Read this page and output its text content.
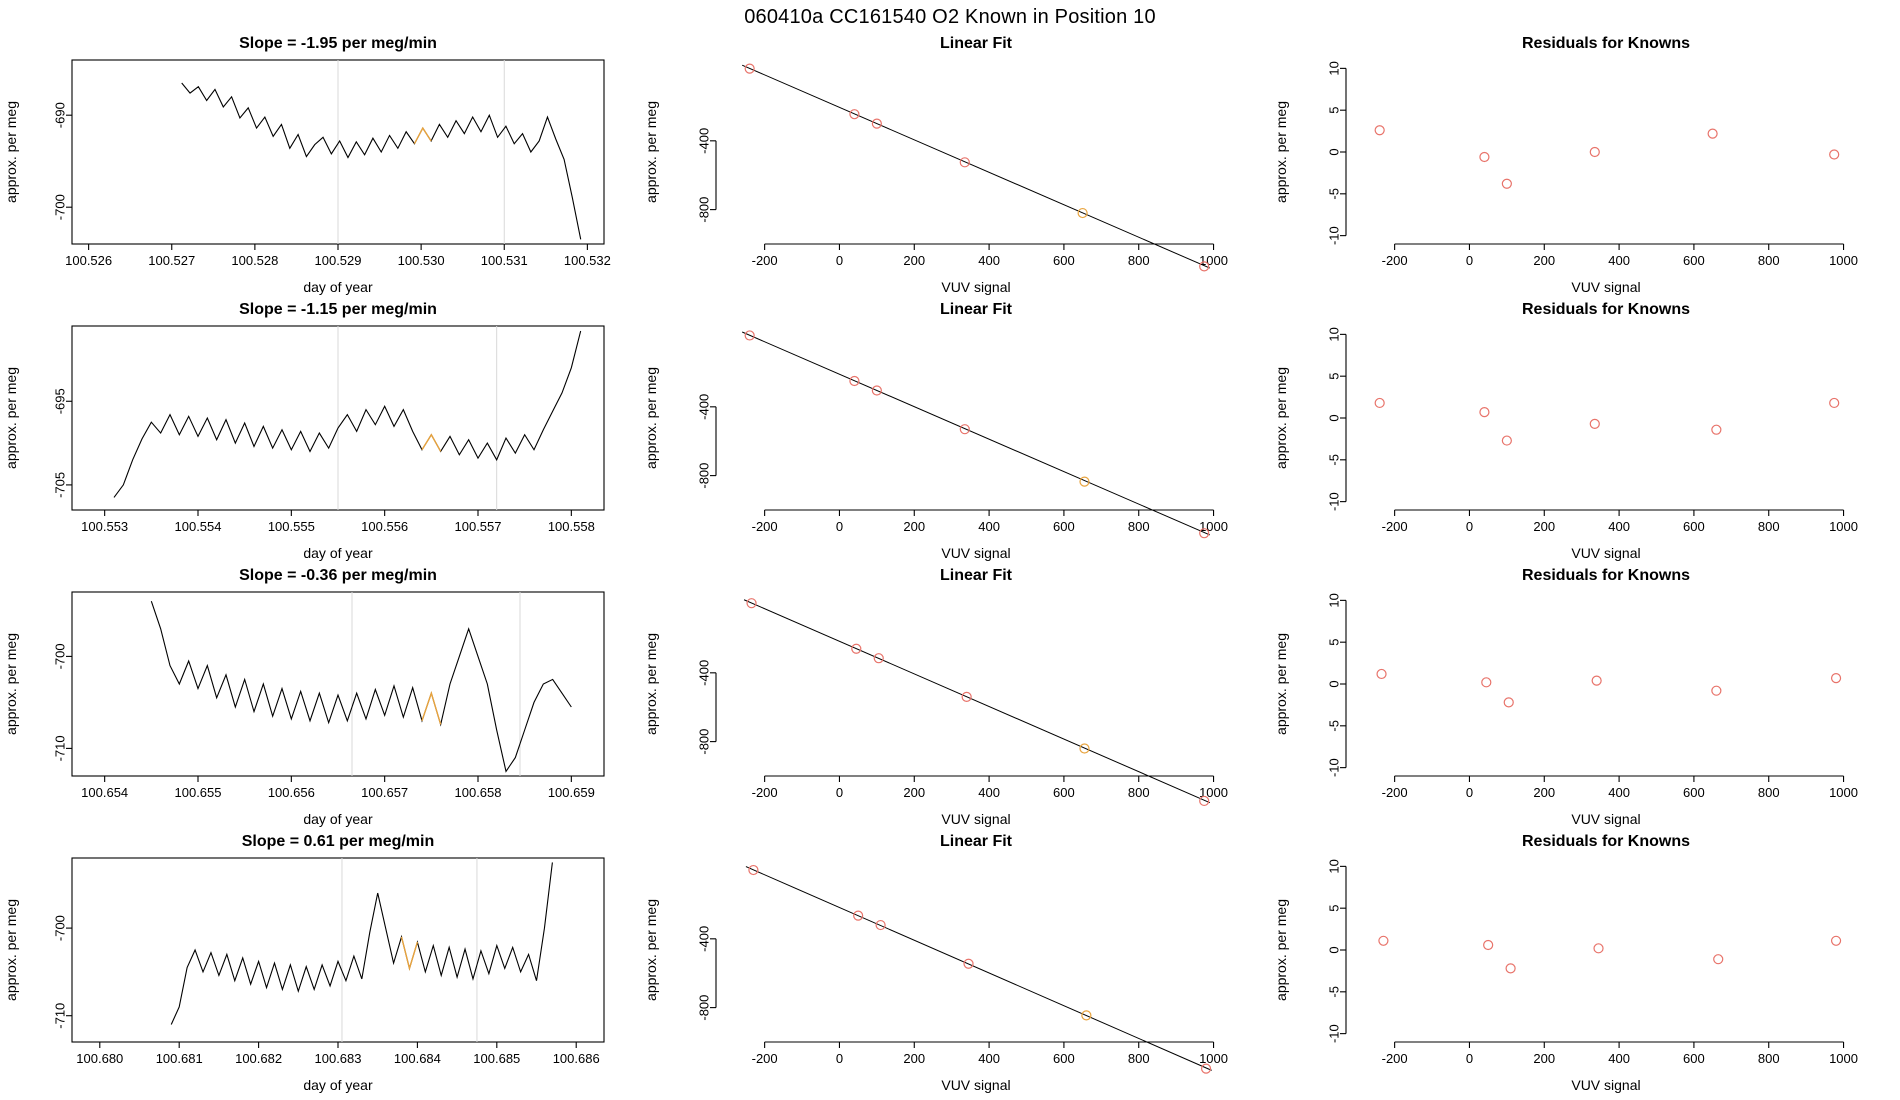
060410a CC161540 O2 Known in Position 10
Slope = -1.95 per meg/min
100.526	100.527	100.528	100.529	100.530	100.531	100.532
-700
-690
day of year
approx. per meg
Linear Fit
-200	0	200	400	600	800	1000
-800
-400
VUV signal
approx. per meg
Residuals for Knowns
-200	0	200	400	600	800	1000
-10
-5
0
5
10
VUV signal
approx. per meg
Slope = -1.15 per meg/min
100.553	100.554	100.555	100.556	100.557	100.558
-705
-695
day of year
approx. per meg
Linear Fit
-200	0	200	400	600	800	1000
-800
-400
VUV signal
approx. per meg
Residuals for Knowns
-200	0	200	400	600	800	1000
-10
-5
0
5
10
VUV signal
approx. per meg
Slope = -0.36 per meg/min
100.654	100.655	100.656	100.657	100.658	100.659
-710
-700
day of year
approx. per meg
Linear Fit
-200	0	200	400	600	800	1000
-800
-400
VUV signal
approx. per meg
Residuals for Knowns
-200	0	200	400	600	800	1000
-10
-5
0
5
10
VUV signal
approx. per meg
Slope = 0.61 per meg/min
100.680 100.681 100.682 100.683 100.684 100.685 100.686
-710
-700
day of year
approx. per meg
Linear Fit
-200	0	200	400	600	800	1000
-800
-400
VUV signal
approx. per meg
Residuals for Knowns
-200	0	200	400	600	800	1000
-10
-5
0
5
10
VUV signal
approx. per meg
